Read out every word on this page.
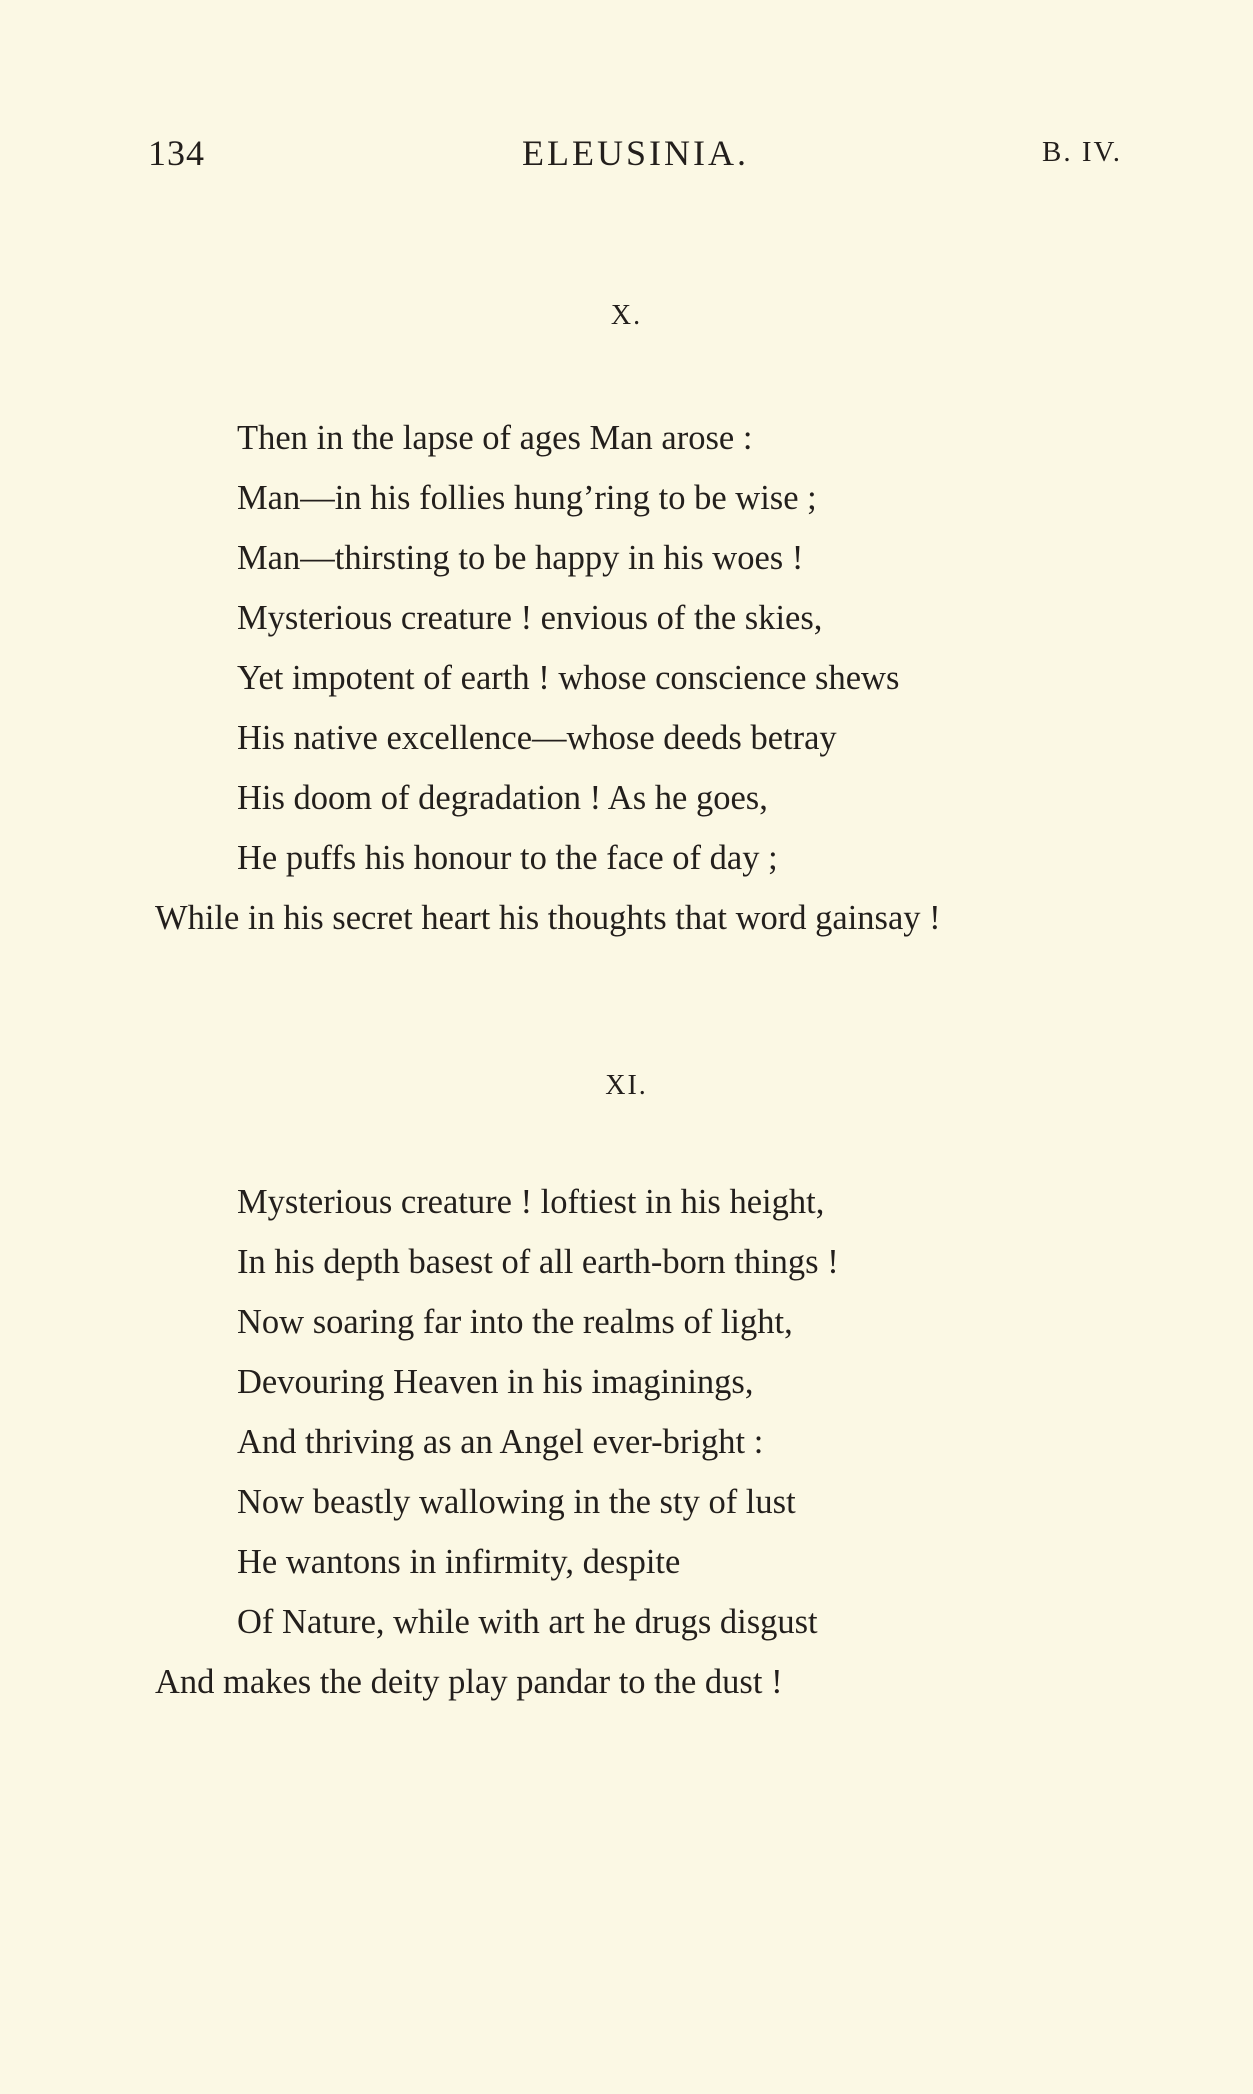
134	ELEUSINIA.	B. IV.
X.
Then in the lapse of ages Man arose :
Man—in his follies hung’ring to be wise ;
Man—thirsting to be happy in his woes !
Mysterious creature ! envious of the skies,
Yet impotent of earth ! whose conscience shews
His native excellence—whose deeds betray
His doom of degradation ! As he goes,
He puffs his honour to the face of day ;
While in his secret heart his thoughts that word gainsay !
XI.
Mysterious creature ! loftiest in his height,
In his depth basest of all earth-born things !
Now soaring far into the realms of light,
Devouring Heaven in his imaginings,
And thriving as an Angel ever-bright :
Now beastly wallowing in the sty of lust
He wantons in infirmity, despite
Of Nature, while with art he drugs disgust
And makes the deity play pandar to the dust !
